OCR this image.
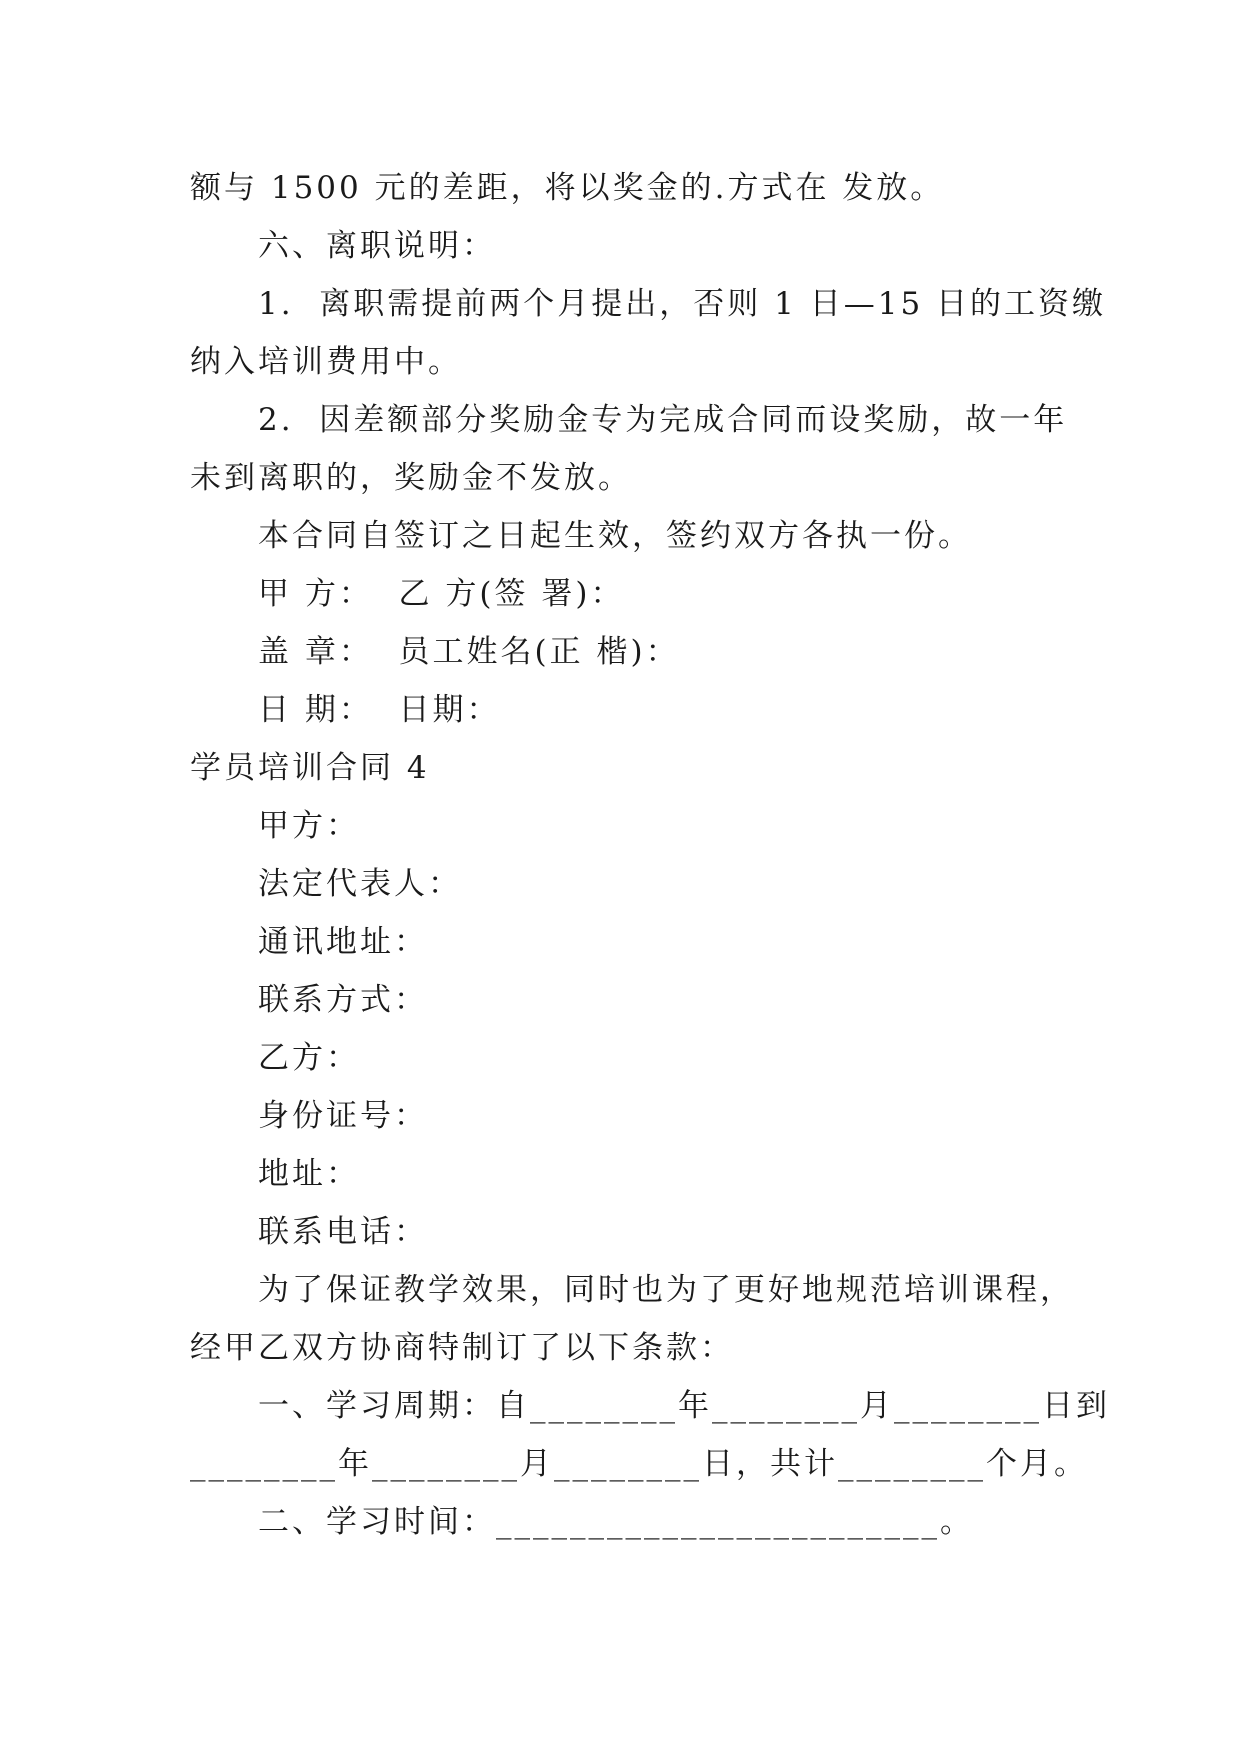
额与 1500 元的差距，将以奖金的.方式在 发放。
六、离职说明：
1.  离职需提前两个月提出，否则 1 日—15 日的工资缴
纳入培训费用中。
2.  因差额部分奖励金专为完成合同而设奖励，故一年
未到离职的，奖励金不发放。
本合同自签订之日起生效，签约双方各执一份。
甲 方：  乙 方(签 署)：
盖 章：  员工姓名(正 楷)：
日 期：  日期：
学员培训合同 4
甲方：
法定代表人：
通讯地址：
联系方式：
乙方：
身份证号：
地址：
联系电话：
为了保证教学效果，同时也为了更好地规范培训课程，
经甲乙双方协商特制订了以下条款：
一、学习周期：自________年________月________日到
________年________月________日，共计________个月。
二、学习时间：________________________。
